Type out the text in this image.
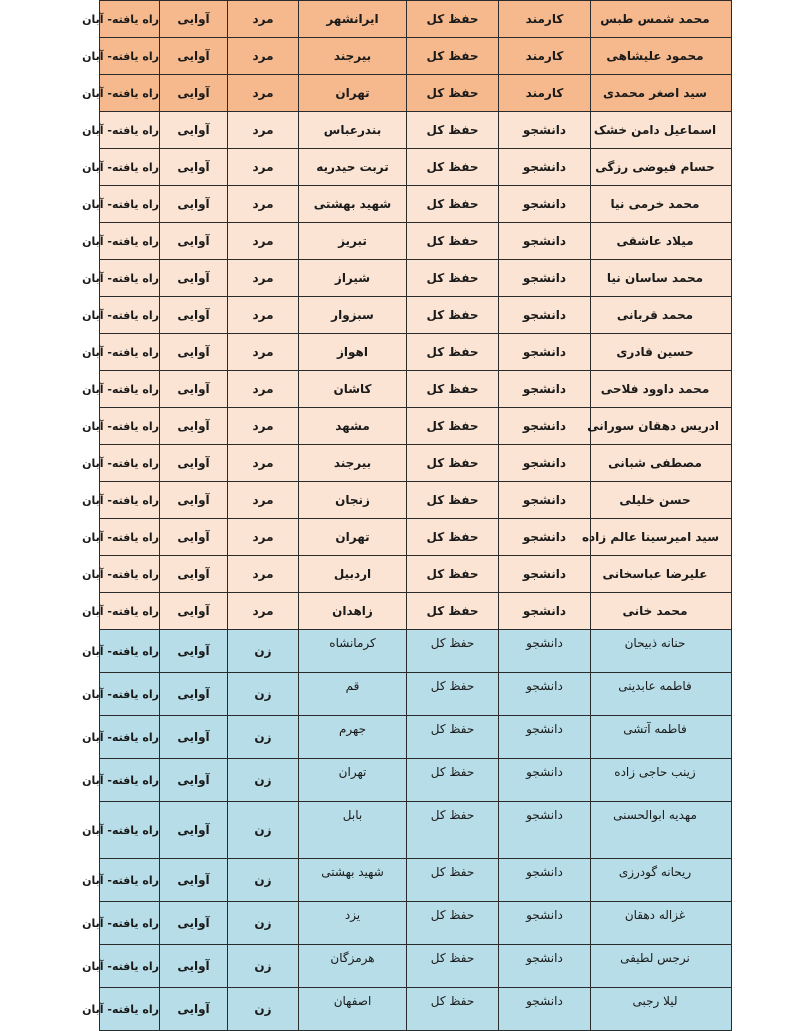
محمد شمس طبس	کارمند	حفظ کل	ایرانشهر	مرد	آوایی	راه یافته- آبان
محمود علیشاهی	کارمند	حفظ کل	بیرجند	مرد	آوایی	راه یافته- آبان
سید اصغر محمدی	کارمند	حفظ کل	تهران	مرد	آوایی	راه یافته- آبان
اسماعیل دامن خشک	دانشجو	حفظ کل	بندرعباس	مرد	آوایی	راه یافته- آبان
حسام فیوضی رزگی	دانشجو	حفظ کل	تربت حیدریه	مرد	آوایی	راه یافته- آبان
محمد خرمی نیا	دانشجو	حفظ کل	شهید بهشتی	مرد	آوایی	راه یافته- آبان
میلاد عاشقی	دانشجو	حفظ کل	تبریز	مرد	آوایی	راه یافته- آبان
محمد ساسان نیا	دانشجو	حفظ کل	شیراز	مرد	آوایی	راه یافته- آبان
محمد قربانی	دانشجو	حفظ کل	سبزوار	مرد	آوایی	راه یافته- آبان
حسین قادری	دانشجو	حفظ کل	اهواز	مرد	آوایی	راه یافته- آبان
محمد داوود فلاحی	دانشجو	حفظ کل	کاشان	مرد	آوایی	راه یافته- آبان
ادریس دهقان سورانی	دانشجو	حفظ کل	مشهد	مرد	آوایی	راه یافته- آبان
مصطفی شبانی	دانشجو	حفظ کل	بیرجند	مرد	آوایی	راه یافته- آبان
حسن خلیلی	دانشجو	حفظ کل	زنجان	مرد	آوایی	راه یافته- آبان
سید امیرسینا عالم زاده	دانشجو	حفظ کل	تهران	مرد	آوایی	راه یافته- آبان
علیرضا عباسخانی	دانشجو	حفظ کل	اردبیل	مرد	آوایی	راه یافته- آبان
محمد خانی	دانشجو	حفظ کل	زاهدان	مرد	آوایی	راه یافته- آبان
حنانه ذبیحان	دانشجو	حفظ کل	کرمانشاه	زن	آوایی	راه یافته- آبان
فاطمه عابدینی	دانشجو	حفظ کل	قم	زن	آوایی	راه یافته- آبان
فاطمه آتشی	دانشجو	حفظ کل	جهرم	زن	آوایی	راه یافته- آبان
زینب حاجی زاده	دانشجو	حفظ کل	تهران	زن	آوایی	راه یافته- آبان
مهدیه ابوالحسنی	دانشجو	حفظ کل	بابل	زن	آوایی	راه یافته- آبان
ریحانه گودرزی	دانشجو	حفظ کل	شهید بهشتی	زن	آوایی	راه یافته- آبان
غزاله دهقان	دانشجو	حفظ کل	یزد	زن	آوایی	راه یافته- آبان
نرجس لطیفی	دانشجو	حفظ کل	هرمزگان	زن	آوایی	راه یافته- آبان
لیلا رجبی	دانشجو	حفظ کل	اصفهان	زن	آوایی	راه یافته- آبان
